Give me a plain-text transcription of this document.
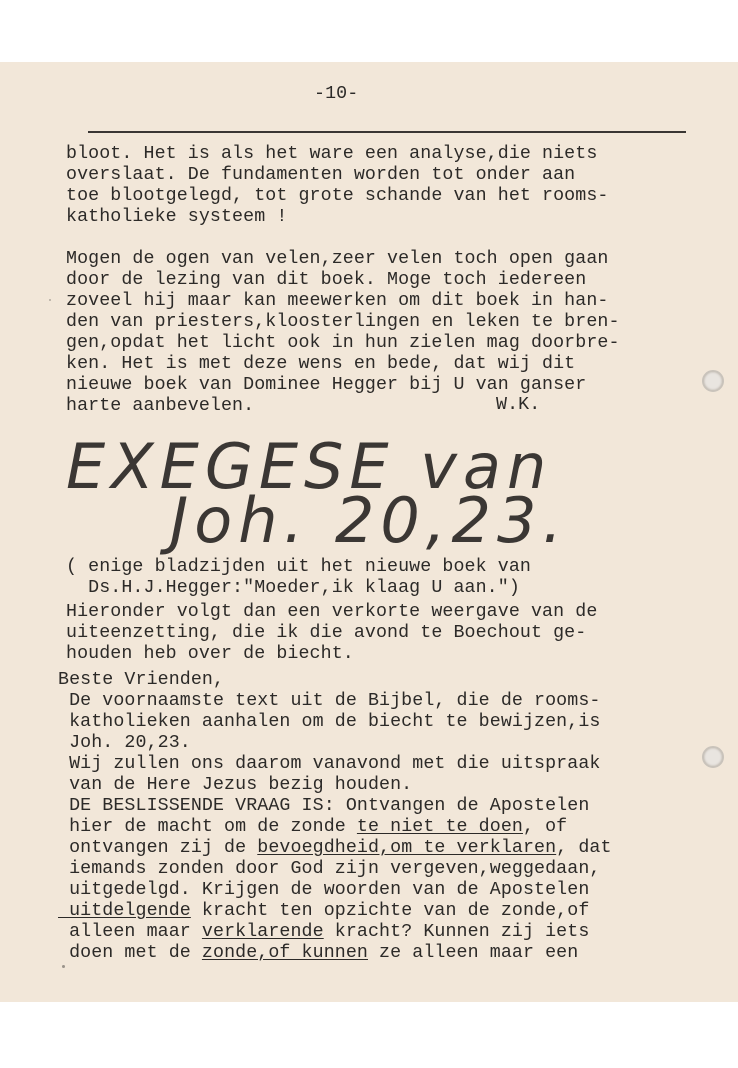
-10-
bloot. Het is als het ware een analyse,die niets
overslaat. De fundamenten worden tot onder aan
toe blootgelegd, tot grote schande van het rooms-
katholieke systeem !
Mogen de ogen van velen,zeer velen toch open gaan
door de lezing van dit boek. Moge toch iedereen
zoveel hij maar kan meewerken om dit boek in han-
den van priesters,kloosterlingen en leken te bren-
gen,opdat het licht ook in hun zielen mag doorbre-
ken. Het is met deze wens en bede, dat wij dit
nieuwe boek van Dominee Hegger bij U van ganser
harte aanbevelen.	W.K.
EXEGESE van
Joh. 20,23.
( enige bladzijden uit het nieuwe boek van
Ds.H.J.Hegger:"Moeder,ik klaag U aan.")
Hieronder volgt dan een verkorte weergave van de
uiteenzetting, die ik die avond te Boechout ge-
houden heb over de biecht.
Beste Vrienden,
De voornaamste text uit de Bijbel, die de rooms-
katholieken aanhalen om de biecht te bewijzen,is
Joh. 20,23.
Wij zullen ons daarom vanavond met die uitspraak
van de Here Jezus bezig houden.
DE BESLISSENDE VRAAG IS: Ontvangen de Apostelen
hier de macht om de zonde te niet te doen, of
ontvangen zij de bevoegdheid,om te verklaren, dat
iemands zonden door God zijn vergeven,weggedaan,
uitgedelgd. Krijgen de woorden van de Apostelen
uitdelgende kracht ten opzichte van de zonde,of
alleen maar verklarende kracht? Kunnen zij iets
doen met de zonde,of kunnen ze alleen maar een
